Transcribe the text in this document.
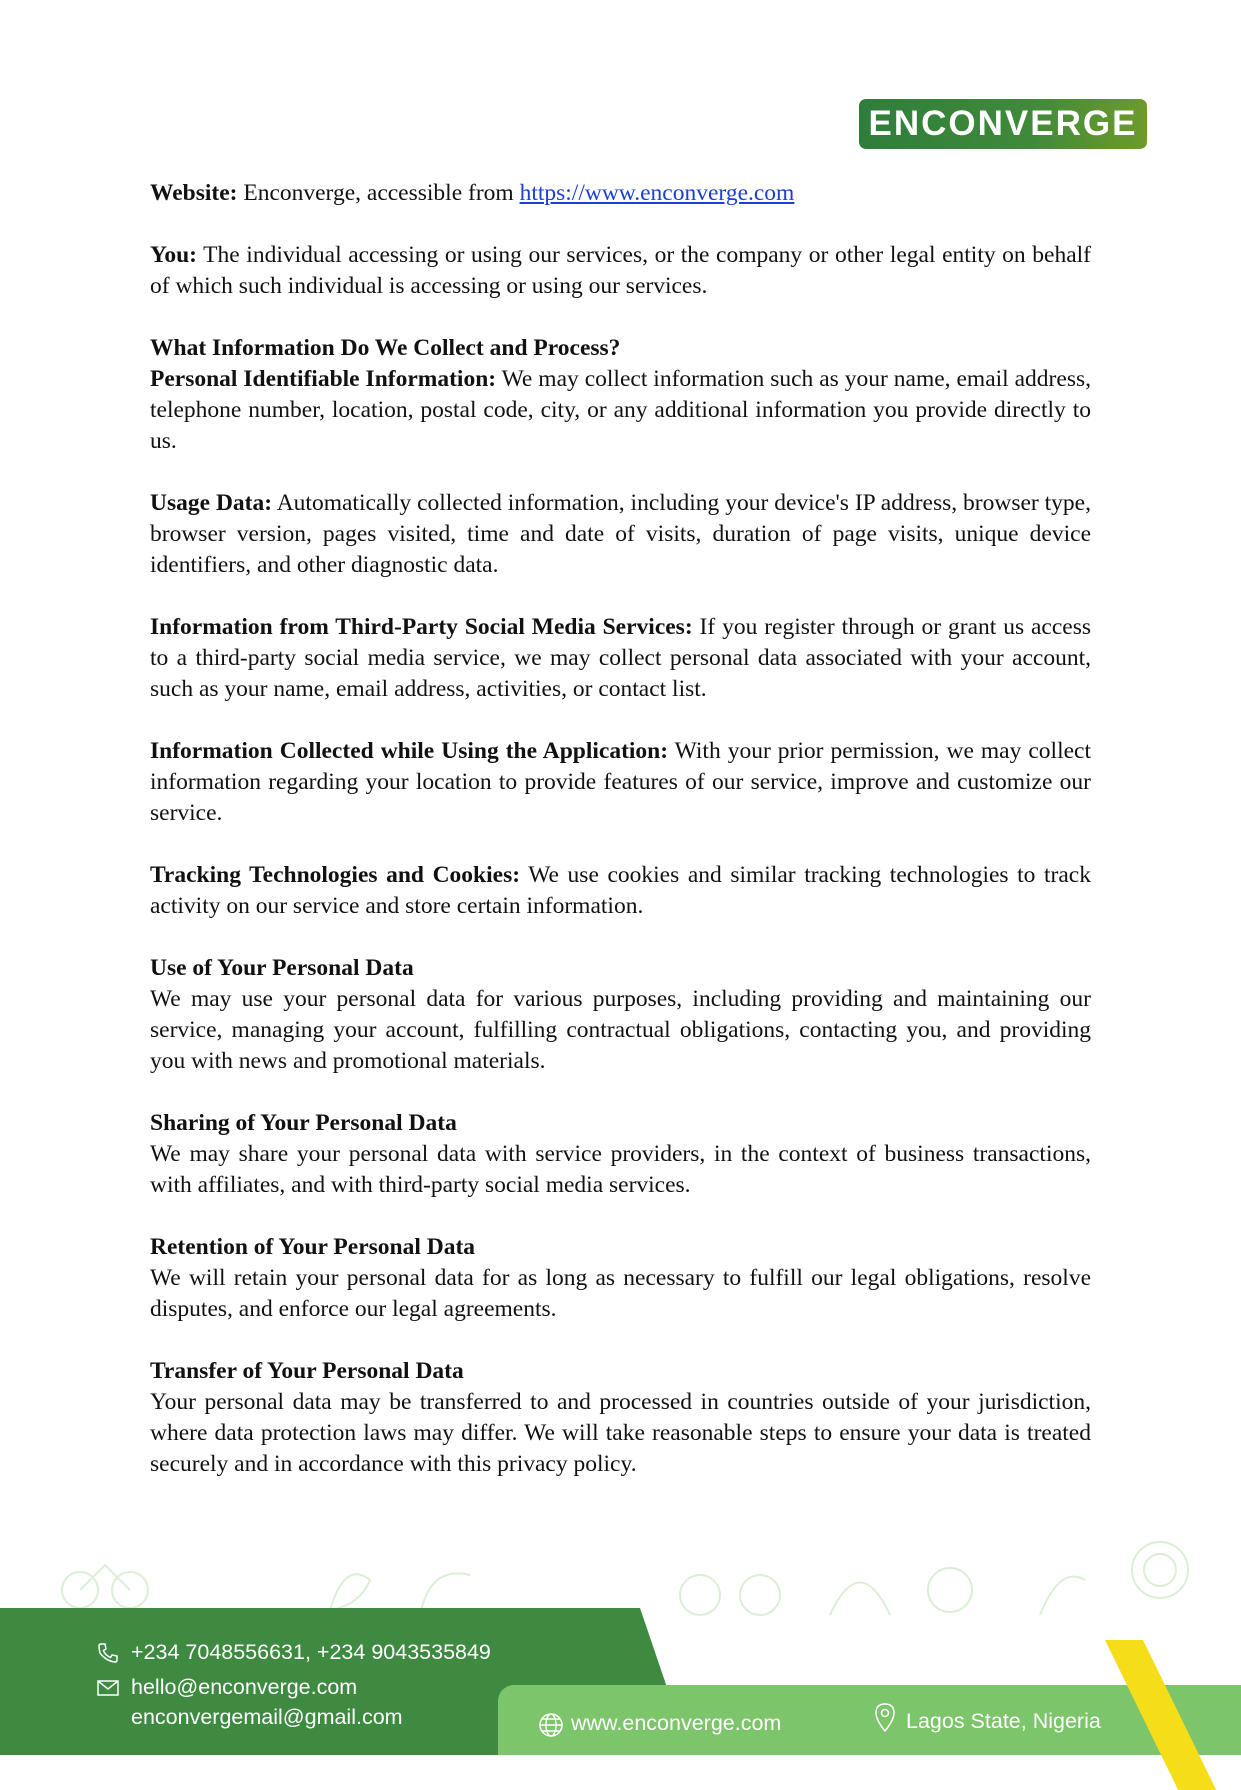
ENCONVERGE

Website: Enconverge, accessible from https://www.enconverge.com

You: The individual accessing or using our services, or the company or other legal entity on behalf of which such individual is accessing or using our services.

What Information Do We Collect and Process?

Personal Identifiable Information: We may collect information such as your name, email address, telephone number, location, postal code, city, or any additional information you provide directly to us.

Usage Data: Automatically collected information, including your device's IP address, browser type, browser version, pages visited, time and date of visits, duration of page visits, unique device identifiers, and other diagnostic data.

Information from Third-Party Social Media Services: If you register through or grant us access to a third-party social media service, we may collect personal data associated with your account, such as your name, email address, activities, or contact list.

Information Collected while Using the Application: With your prior permission, we may collect information regarding your location to provide features of our service, improve and customize our service.

Tracking Technologies and Cookies: We use cookies and similar tracking technologies to track activity on our service and store certain information.

Use of Your Personal Data

We may use your personal data for various purposes, including providing and maintaining our service, managing your account, fulfilling contractual obligations, contacting you, and providing you with news and promotional materials.

Sharing of Your Personal Data

We may share your personal data with service providers, in the context of business transactions, with affiliates, and with third-party social media services.

Retention of Your Personal Data

We will retain your personal data for as long as necessary to fulfill our legal obligations, resolve disputes, and enforce our legal agreements.

Transfer of Your Personal Data

Your personal data may be transferred to and processed in countries outside of your jurisdiction, where data protection laws may differ. We will take reasonable steps to ensure your data is treated securely and in accordance with this privacy policy.

+234 7048556631, +234 9043535849
hello@enconverge.com
enconvergemail@gmail.com	www.enconverge.com	Lagos State, Nigeria
